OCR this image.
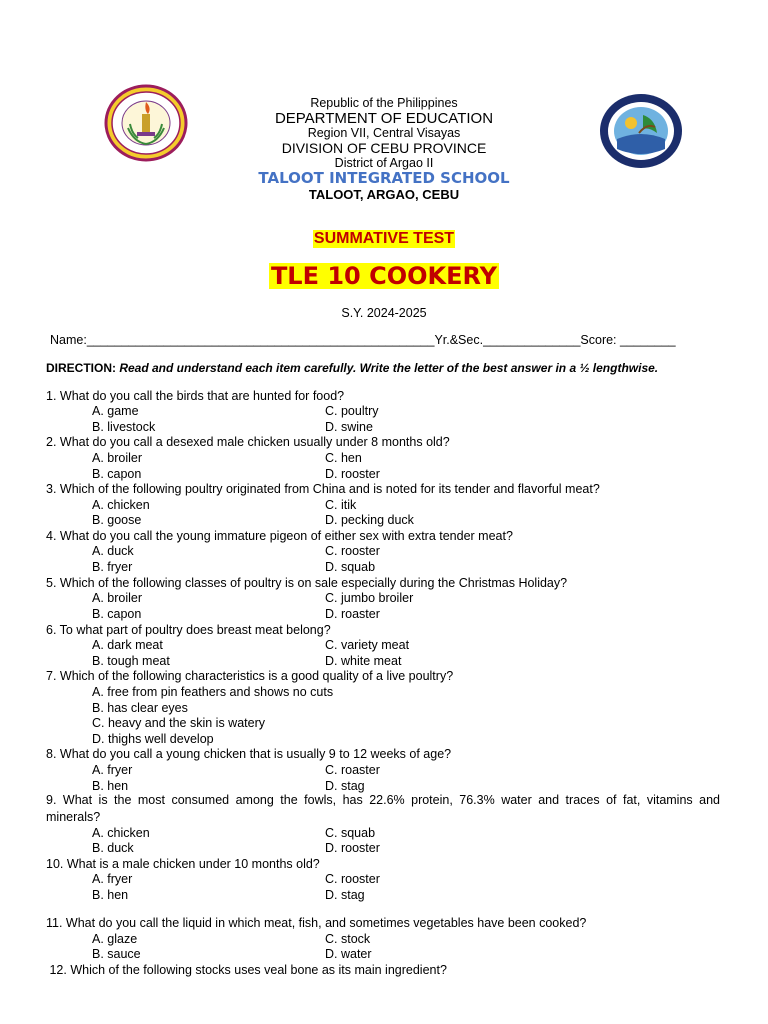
Republic of the Philippines
DEPARTMENT OF EDUCATION
Region VII, Central Visayas
DIVISION OF CEBU PROVINCE
District of Argao II
TALOOT INTEGRATED SCHOOL
TALOOT, ARGAO, CEBU
SUMMATIVE TEST
TLE 10 COOKERY
S.Y. 2024-2025
Name:__________________________________________________Yr.&Sec.______________Score: ________
DIRECTION: Read and understand each item carefully. Write the letter of the best answer in a ½ lengthwise.
1. What do you call the birds that are hunted for food?
A. game	C. poultry
B. livestock	D. swine
2. What do you call a desexed male chicken usually under 8 months old?
A. broiler	C. hen
B. capon	D. rooster
3. Which of the following poultry originated from China and is noted for its tender and flavorful meat?
A. chicken	C. itik
B. goose	D. pecking duck
4. What do you call the young immature pigeon of either sex with extra tender meat?
A. duck	C. rooster
B. fryer	D. squab
5. Which of the following classes of poultry is on sale especially during the Christmas Holiday?
A. broiler	C. jumbo broiler
B. capon	D. roaster
6. To what part of poultry does breast meat belong?
A. dark meat	C. variety meat
B. tough meat	D. white meat
7. Which of the following characteristics is a good quality of a live poultry?
A. free from pin feathers and shows no cuts
B. has clear eyes
C. heavy and the skin is watery
D. thighs well develop
8. What do you call a young chicken that is usually 9 to 12 weeks of age?
A. fryer	C. roaster
B. hen	D. stag
9. What is the most consumed among the fowls, has 22.6% protein, 76.3% water and traces of fat, vitamins and
minerals?
A. chicken	C. squab
B. duck	D. rooster
10. What is a male chicken under 10 months old?
A. fryer	C. rooster
B. hen	D. stag
11. What do you call the liquid in which meat, fish, and sometimes vegetables have been cooked?
A. glaze	C. stock
B. sauce	D. water
12. Which of the following stocks uses veal bone as its main ingredient?
